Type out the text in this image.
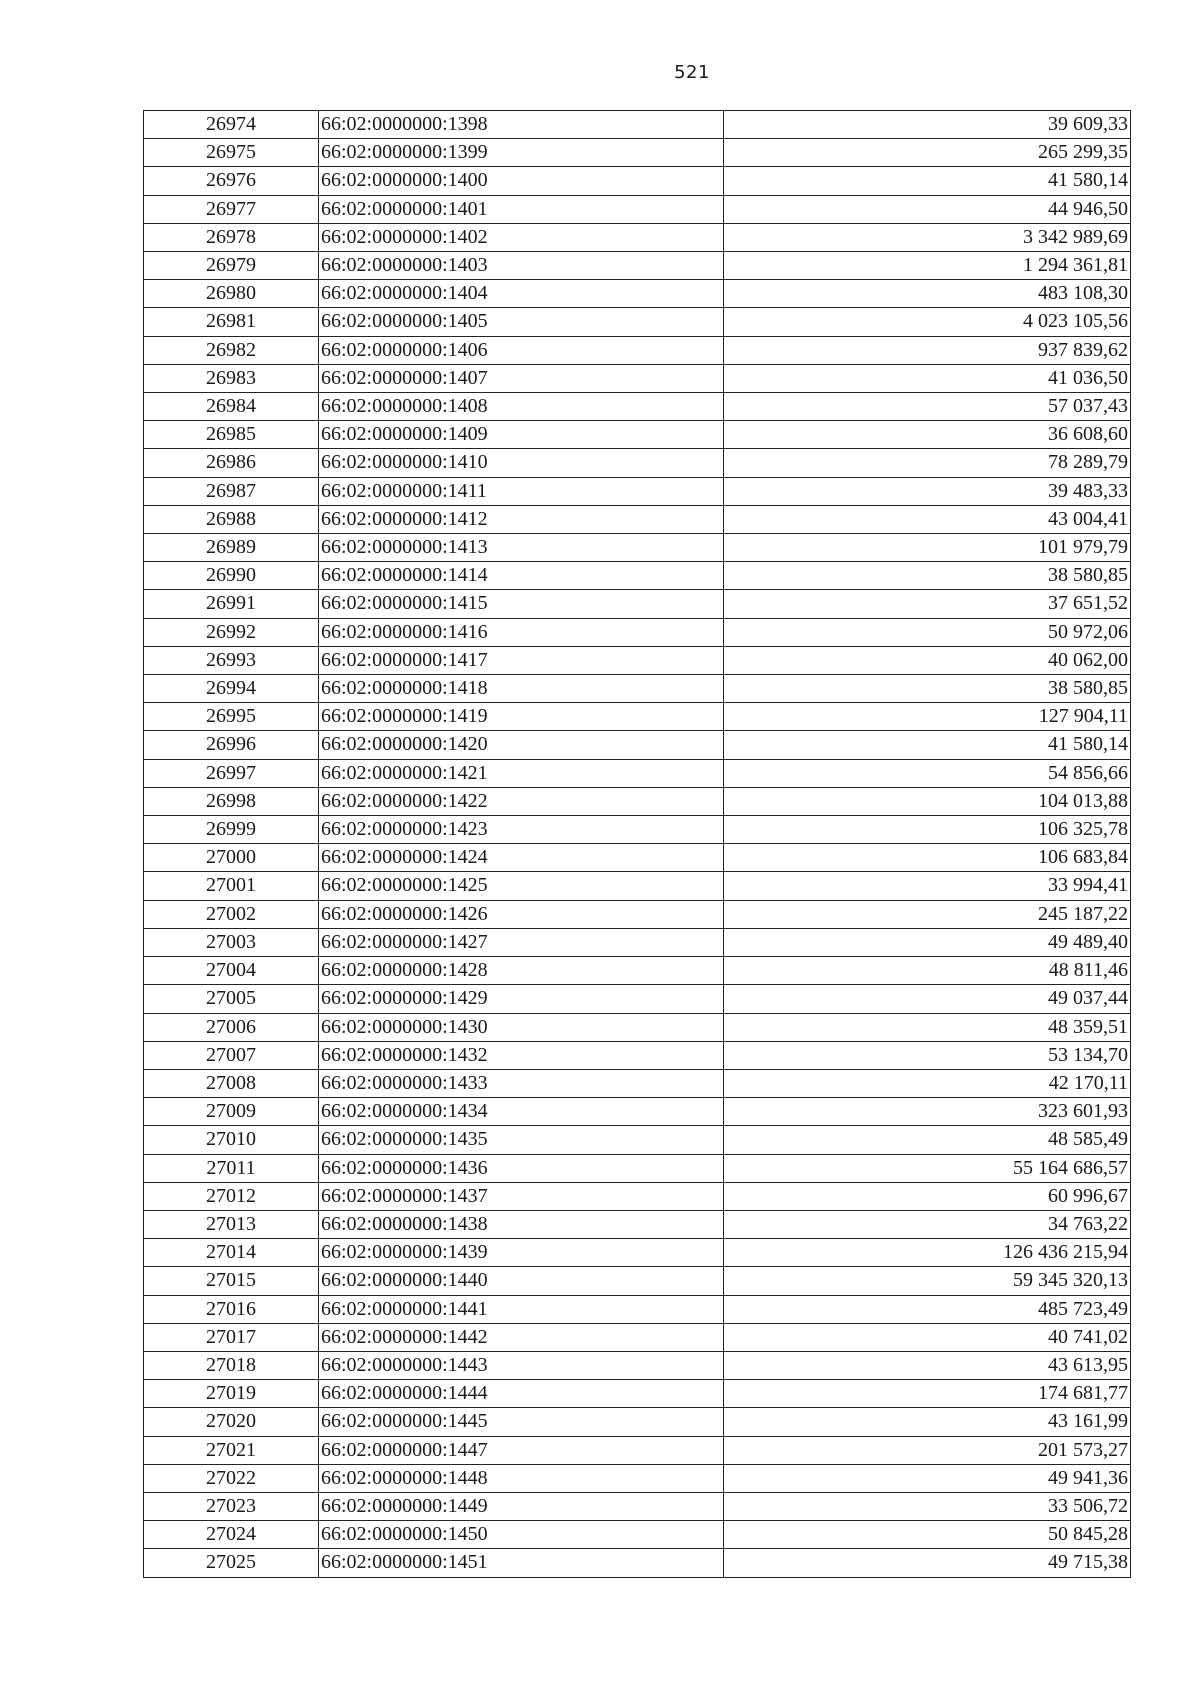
521
26974	66:02:0000000:1398	39 609,33
26975	66:02:0000000:1399	265 299,35
26976	66:02:0000000:1400	41 580,14
26977	66:02:0000000:1401	44 946,50
26978	66:02:0000000:1402	3 342 989,69
26979	66:02:0000000:1403	1 294 361,81
26980	66:02:0000000:1404	483 108,30
26981	66:02:0000000:1405	4 023 105,56
26982	66:02:0000000:1406	937 839,62
26983	66:02:0000000:1407	41 036,50
26984	66:02:0000000:1408	57 037,43
26985	66:02:0000000:1409	36 608,60
26986	66:02:0000000:1410	78 289,79
26987	66:02:0000000:1411	39 483,33
26988	66:02:0000000:1412	43 004,41
26989	66:02:0000000:1413	101 979,79
26990	66:02:0000000:1414	38 580,85
26991	66:02:0000000:1415	37 651,52
26992	66:02:0000000:1416	50 972,06
26993	66:02:0000000:1417	40 062,00
26994	66:02:0000000:1418	38 580,85
26995	66:02:0000000:1419	127 904,11
26996	66:02:0000000:1420	41 580,14
26997	66:02:0000000:1421	54 856,66
26998	66:02:0000000:1422	104 013,88
26999	66:02:0000000:1423	106 325,78
27000	66:02:0000000:1424	106 683,84
27001	66:02:0000000:1425	33 994,41
27002	66:02:0000000:1426	245 187,22
27003	66:02:0000000:1427	49 489,40
27004	66:02:0000000:1428	48 811,46
27005	66:02:0000000:1429	49 037,44
27006	66:02:0000000:1430	48 359,51
27007	66:02:0000000:1432	53 134,70
27008	66:02:0000000:1433	42 170,11
27009	66:02:0000000:1434	323 601,93
27010	66:02:0000000:1435	48 585,49
27011	66:02:0000000:1436	55 164 686,57
27012	66:02:0000000:1437	60 996,67
27013	66:02:0000000:1438	34 763,22
27014	66:02:0000000:1439	126 436 215,94
27015	66:02:0000000:1440	59 345 320,13
27016	66:02:0000000:1441	485 723,49
27017	66:02:0000000:1442	40 741,02
27018	66:02:0000000:1443	43 613,95
27019	66:02:0000000:1444	174 681,77
27020	66:02:0000000:1445	43 161,99
27021	66:02:0000000:1447	201 573,27
27022	66:02:0000000:1448	49 941,36
27023	66:02:0000000:1449	33 506,72
27024	66:02:0000000:1450	50 845,28
27025	66:02:0000000:1451	49 715,38
